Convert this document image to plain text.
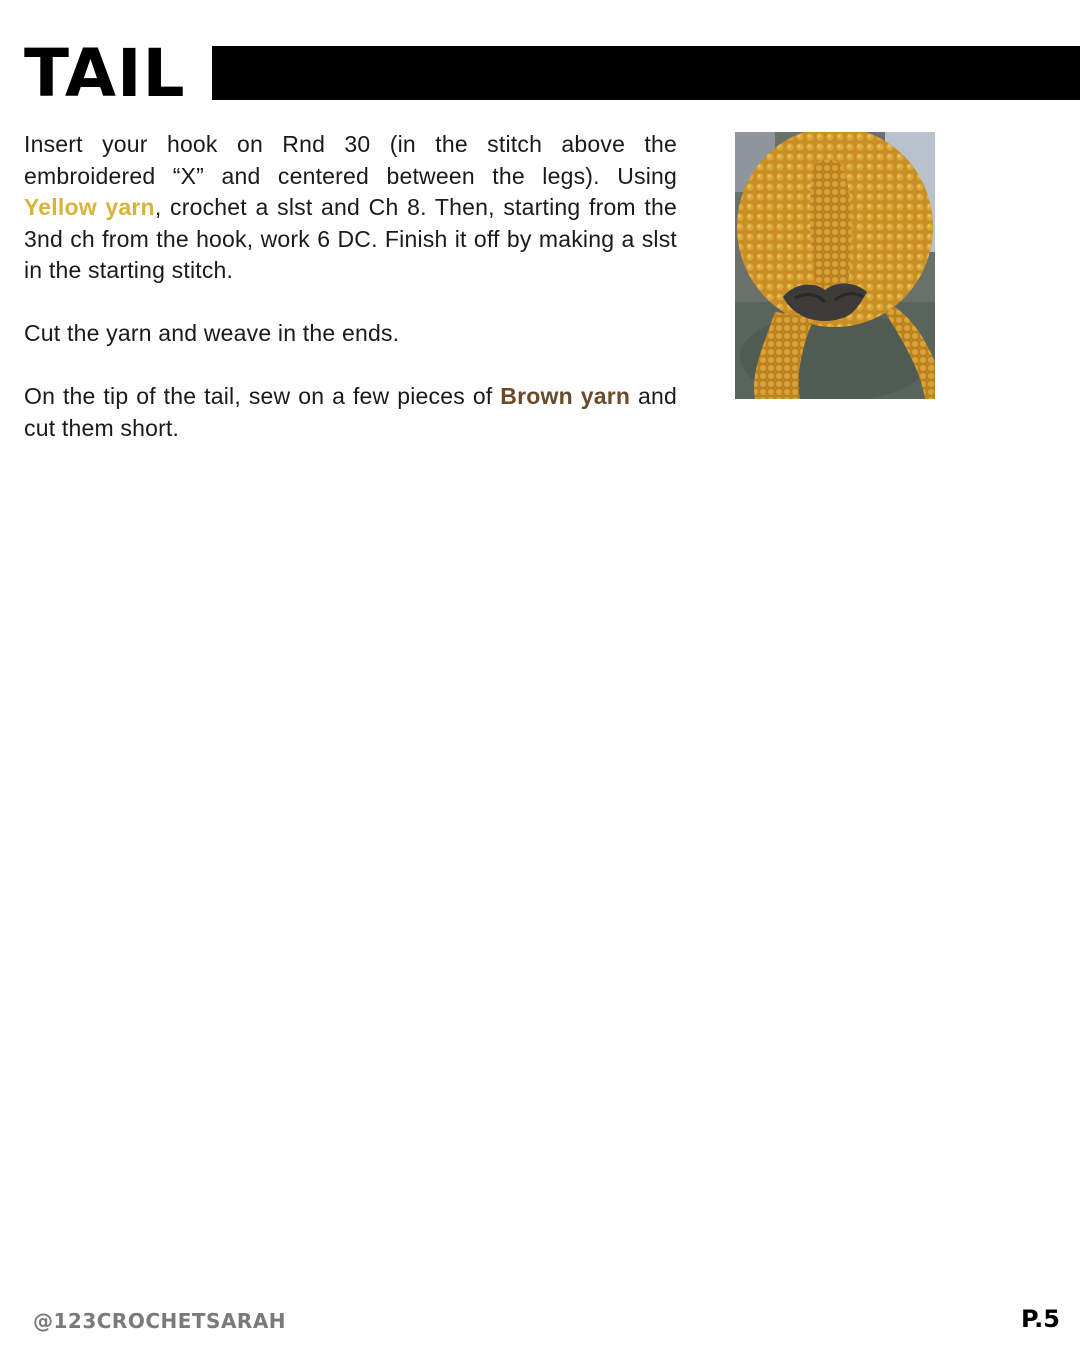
TAIL

Insert your hook on Rnd 30 (in the stitch above the embroidered “X” and centered between the legs). Using Yellow yarn, crochet a slst and Ch 8. Then, starting from the 3nd ch from the hook, work 6 DC. Finish it off by making a slst in the starting stitch.

Cut the yarn and weave in the ends.

On the tip of the tail, sew on a few pieces of Brown yarn and cut them short.

@123CROCHETSARAH	P.5
